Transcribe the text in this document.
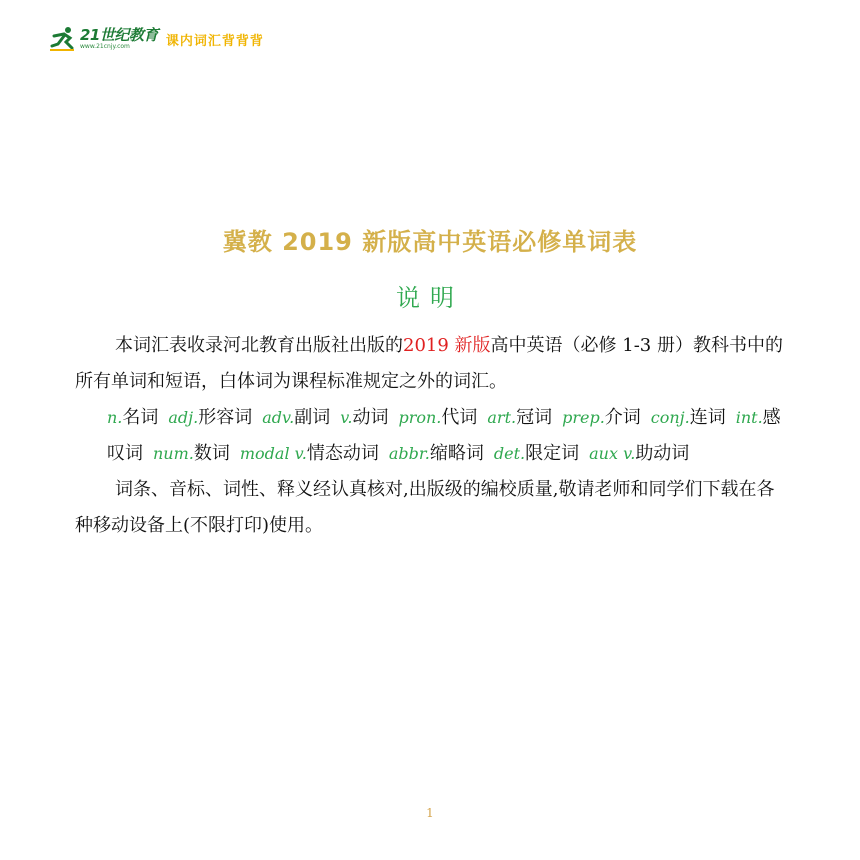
21世纪教育
www.21cnjy.com	课内词汇背背背
冀教 2019 新版高中英语必修单词表
说明

本词汇表收录河北教育出版社出版的2019 新版高中英语（必修 1-3 册）教科书中的所有单词和短语，白体词为课程标准规定之外的词汇。

n.名词 adj.形容词 adv.副词 v.动词 pron.代词 art.冠词 prep.介词 conj.连词 int.感叹词 num.数词 modal v.情态动词 abbr.缩略词 det.限定词 aux v.助动词

词条、音标、词性、释义经认真核对,出版级的编校质量,敬请老师和同学们下载在各种移动设备上(不限打印)使用。

1
